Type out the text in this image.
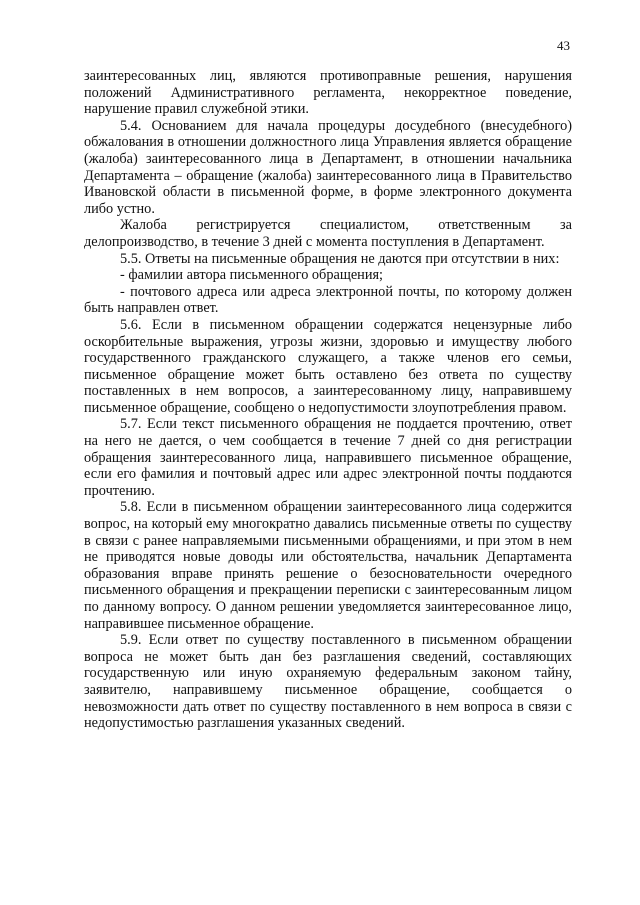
43

заинтересованных лиц, являются противоправные решения, нарушения положений Административного регламента, некорректное поведение, нарушение правил служебной этики.

5.4. Основанием для начала процедуры досудебного (внесудебного) обжалования в отношении должностного лица Управления является обращение (жалоба) заинтересованного лица в Департамент, в отношении начальника Департамента – обращение (жалоба) заинтересованного лица в Правительство Ивановской области в письменной форме, в форме электронного документа либо устно.

Жалоба регистрируется специалистом, ответственным за делопроизводство, в течение 3 дней с момента поступления в Департамент.

5.5. Ответы на письменные обращения не даются при отсутствии в них:

- фамилии автора письменного обращения;

- почтового адреса или адреса электронной почты, по которому должен быть направлен ответ.

5.6. Если в письменном обращении содержатся нецензурные либо оскорбительные выражения, угрозы жизни, здоровью и имуществу любого государственного гражданского служащего, а также членов его семьи, письменное обращение может быть оставлено без ответа по существу поставленных в нем вопросов, а заинтересованному лицу, направившему письменное обращение, сообщено о недопустимости злоупотребления правом.

5.7. Если текст письменного обращения не поддается прочтению, ответ на него не дается, о чем сообщается в течение 7 дней со дня регистрации обращения заинтересованного лица, направившего письменное обращение, если его фамилия и почтовый адрес или адрес электронной почты поддаются прочтению.

5.8. Если в письменном обращении заинтересованного лица содержится вопрос, на который ему многократно давались письменные ответы по существу в связи с ранее направляемыми письменными обращениями, и при этом в нем не приводятся новые доводы или обстоятельства, начальник Департамента образования вправе принять решение о безосновательности очередного письменного обращения и прекращении переписки с заинтересованным лицом по данному вопросу. О данном решении уведомляется заинтересованное лицо, направившее письменное обращение.

5.9. Если ответ по существу поставленного в письменном обращении вопроса не может быть дан без разглашения сведений, составляющих государственную или иную охраняемую федеральным законом тайну, заявителю, направившему письменное обращение, сообщается о невозможности дать ответ по существу поставленного в нем вопроса в связи с недопустимостью разглашения указанных сведений.
